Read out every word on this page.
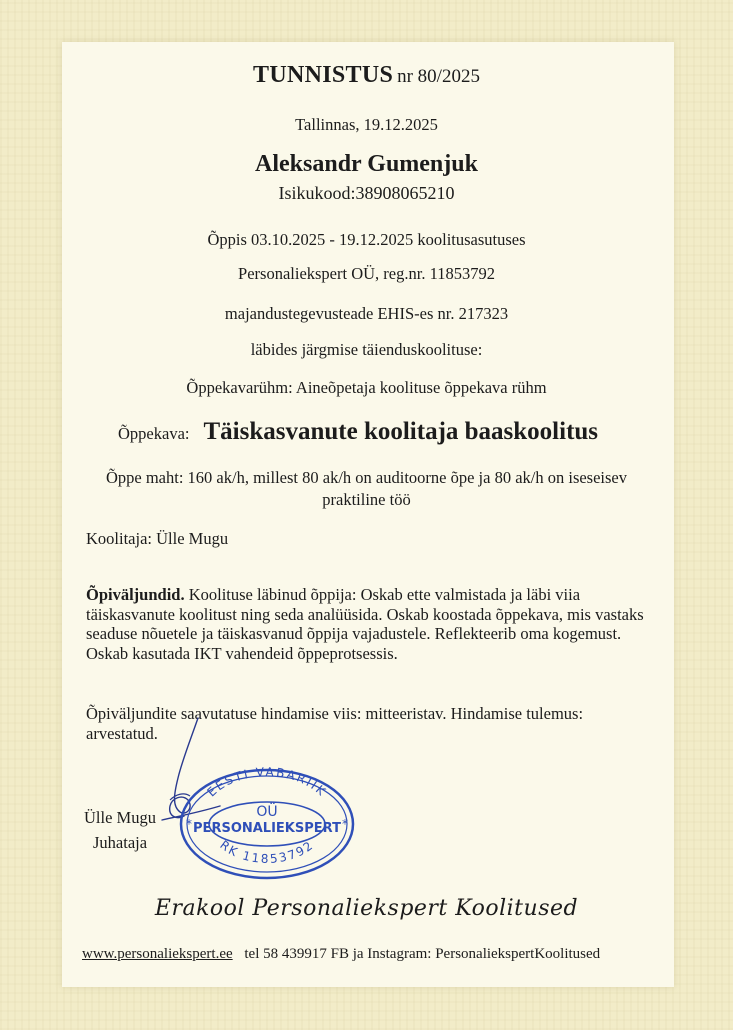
TUNNISTUS nr 80/2025
Tallinnas, 19.12.2025
Aleksandr Gumenjuk
Isikukood:38908065210
Õppis 03.10.2025 - 19.12.2025 koolitusasutuses
Personaliekspert OÜ, reg.nr. 11853792
majandustegevusteade EHIS-es nr. 217323
läbides järgmise täienduskoolituse:
Õppekavarühm: Aineõpetaja koolituse õppekava rühm
Õppekava: Täiskasvanute koolitaja baaskoolitus
Õppe maht: 160 ak/h, millest 80 ak/h on auditoorne õpe ja 80 ak/h on iseseisev
praktiline töö
Koolitaja: Ülle Mugu
Õpiväljundid. Koolituse läbinud õppija: Oskab ette valmistada ja läbi viia täiskasvanute koolitust ning seda analüüsida. Oskab koostada õppekava, mis vastaks seaduse nõuetele ja täiskasvanud õppija vajadustele. Reflekteerib oma kogemust. Oskab kasutada IKT vahendeid õppeprotsessis.
Õpiväljundite saavutatuse hindamise viis: mitteeristav. Hindamise tulemus: arvestatud.
Ülle Mugu
Juhataja
EESTI VABARIIK
OÜ
PERSONALIEKSPERT
RK 11853792
*	*
Erakool Personaliekspert Koolitused
www.personaliekspert.ee tel 58 439917 FB ja Instagram: PersonaliekspertKoolitused
